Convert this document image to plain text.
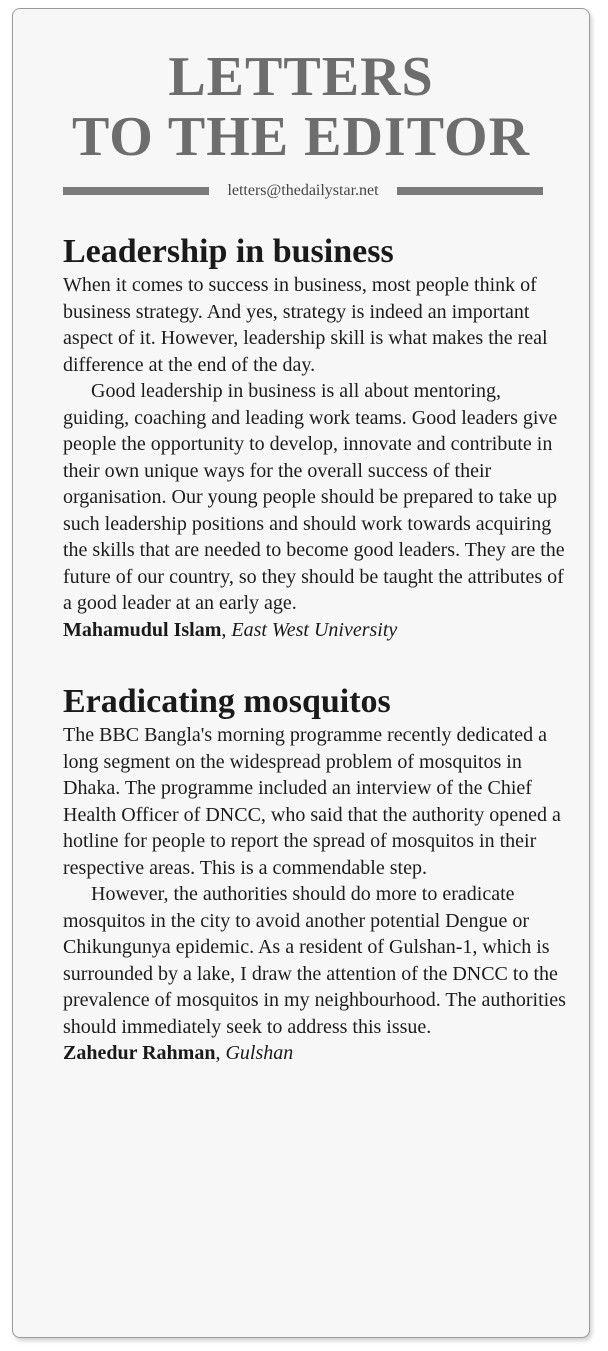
LETTERS
TO THE EDITOR
letters@thedailystar.net
Leadership in business

When it comes to success in business, most people think of business strategy. And yes, strategy is indeed an important aspect of it. However, leadership skill is what makes the real difference at the end of the day.

Good leadership in business is all about mentoring, guiding, coaching and leading work teams. Good leaders give people the opportunity to develop, innovate and contribute in their own unique ways for the overall success of their organisation. Our young people should be prepared to take up such leadership positions and should work towards acquiring the skills that are needed to become good leaders. They are the future of our country, so they should be taught the attributes of a good leader at an early age.

Mahamudul Islam, East West University

Eradicating mosquitos

The BBC Bangla's morning programme recently dedicated a long segment on the widespread problem of mosquitos in Dhaka. The programme included an interview of the Chief Health Officer of DNCC, who said that the authority opened a hotline for people to report the spread of mosquitos in their respective areas. This is a commendable step.

However, the authorities should do more to eradicate mosquitos in the city to avoid another potential Dengue or Chikungunya epidemic. As a resident of Gulshan-1, which is surrounded by a lake, I draw the attention of the DNCC to the prevalence of mosquitos in my neighbourhood. The authorities should immediately seek to address this issue.

Zahedur Rahman, Gulshan
